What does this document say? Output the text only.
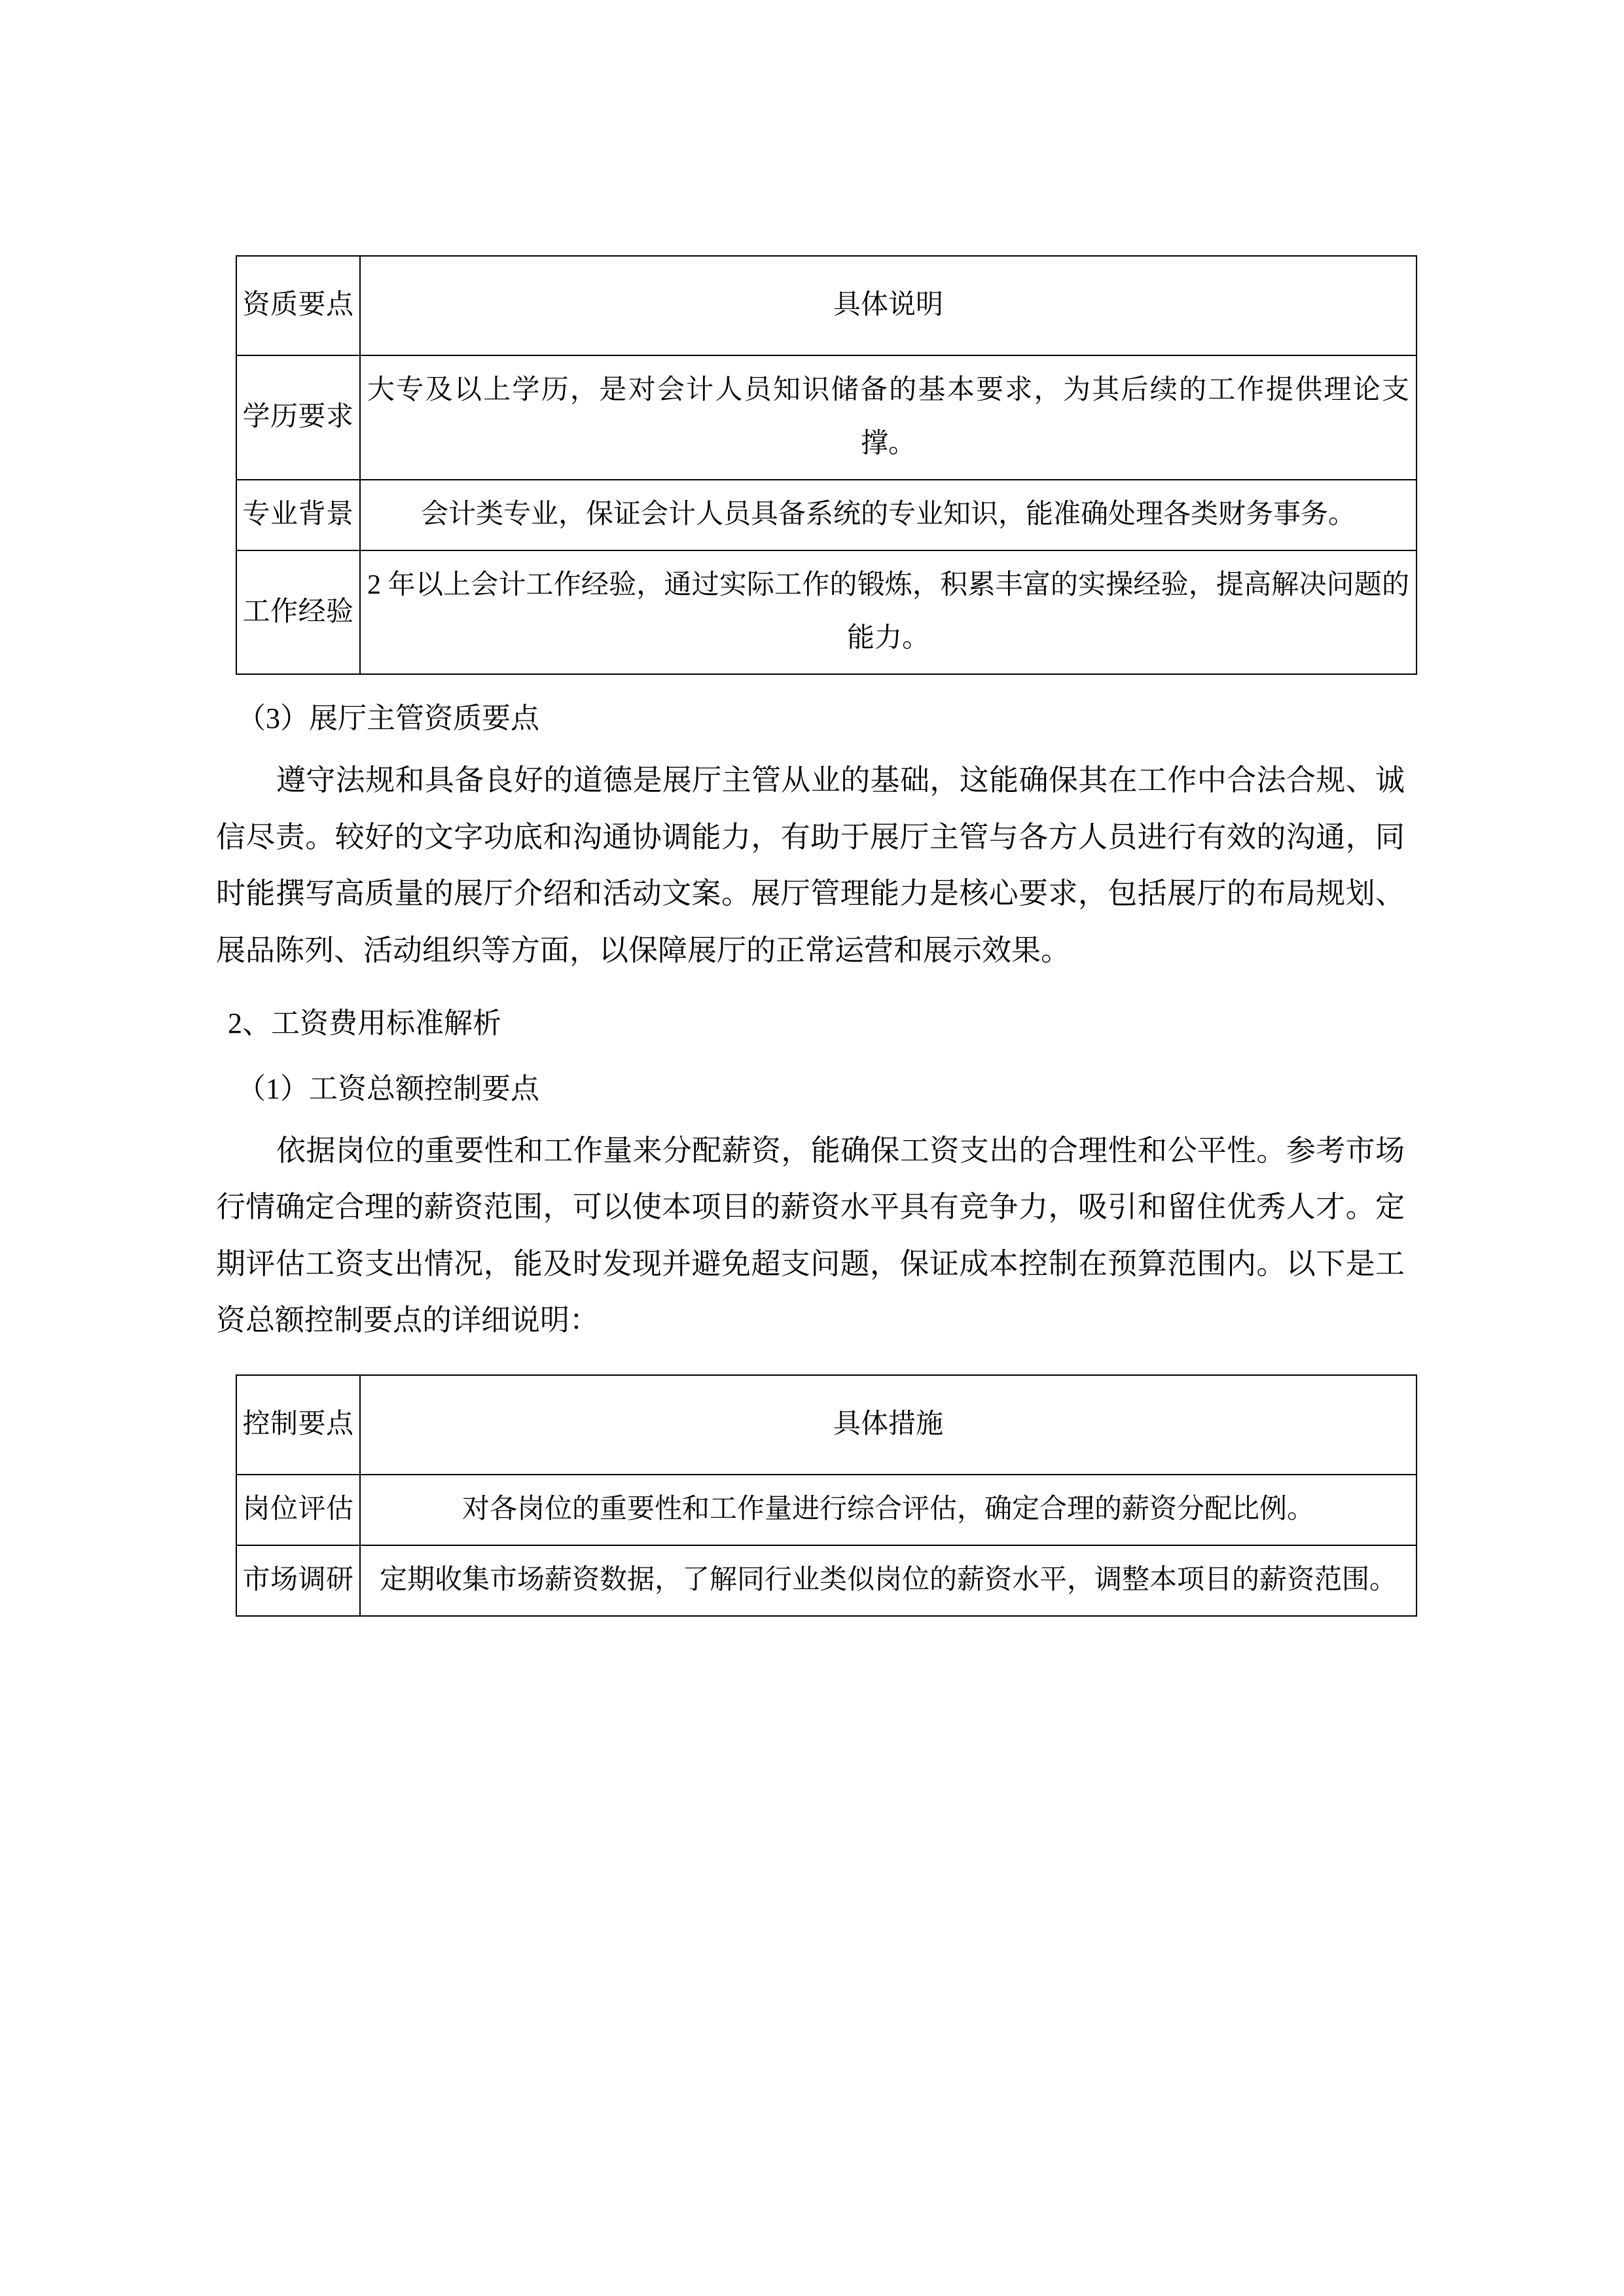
资质要点	具体说明
学历要求	大专及以上学历，是对会计人员知识储备的基本要求，为其后续的工作提供理论支撑。
专业背景	会计类专业，保证会计人员具备系统的专业知识，能准确处理各类财务事务。
工作经验	2 年以上会计工作经验，通过实际工作的锻炼，积累丰富的实操经验，提高解决问题的能力。
（3）展厅主管资质要点
遵守法规和具备良好的道德是展厅主管从业的基础，这能确保其在工作中合法合规、诚信尽责。较好的文字功底和沟通协调能力，有助于展厅主管与各方人员进行有效的沟通，同时能撰写高质量的展厅介绍和活动文案。展厅管理能力是核心要求，包括展厅的布局规划、展品陈列、活动组织等方面，以保障展厅的正常运营和展示效果。
2、工资费用标准解析
（1）工资总额控制要点
依据岗位的重要性和工作量来分配薪资，能确保工资支出的合理性和公平性。参考市场行情确定合理的薪资范围，可以使本项目的薪资水平具有竞争力，吸引和留住优秀人才。定期评估工资支出情况，能及时发现并避免超支问题，保证成本控制在预算范围内。以下是工资总额控制要点的详细说明：
控制要点	具体措施
岗位评估	对各岗位的重要性和工作量进行综合评估，确定合理的薪资分配比例。
市场调研	定期收集市场薪资数据，了解同行业类似岗位的薪资水平，调整本项目的薪资范围。
